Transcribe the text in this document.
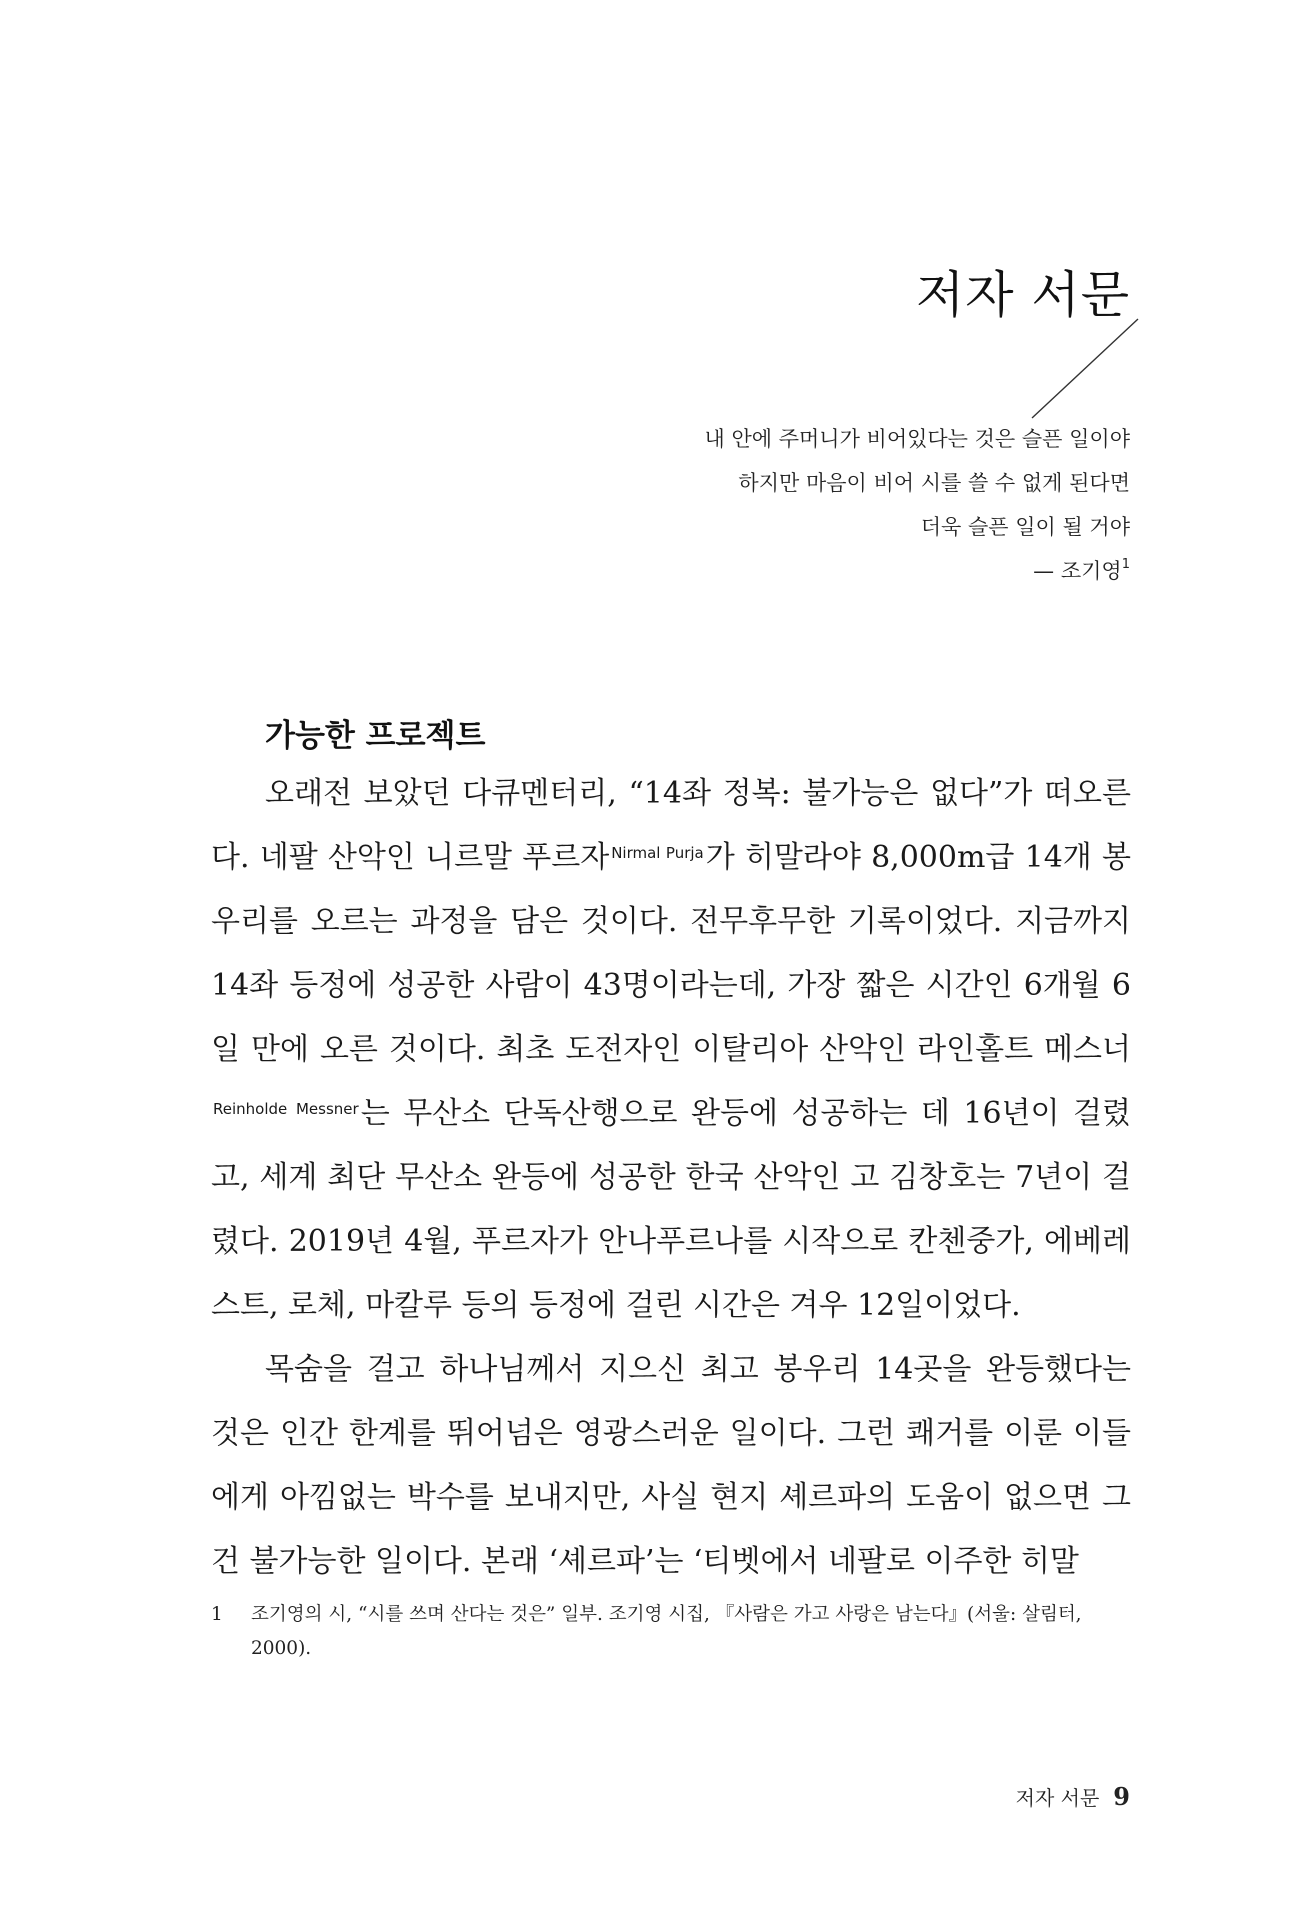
저자 서문

내 안에 주머니가 비어있다는 것은 슬픈 일이야

하지만 마음이 비어 시를 쓸 수 없게 된다면

더욱 슬픈 일이 될 거야

— 조기영$^1$

가능한 프로젝트

오래전 보았던 다큐멘터리, “14좌 정복: 불가능은 없다”가 떠오른다. 네팔 산악인 니르말 푸르자 $^{Nirmal Purja}$가 히말라야 8,000m급 14개 봉우리를 오르는 과정을 담은 것이다. 전무후무한 기록이었다. 지금까지 14좌 등정에 성공한 사람이 43명이라는데, 가장 짧은 시간인 6개월 6일 만에 오른 것이다. 최초 도전자인 이탈리아 산악인 라인홀트 메스너$^{Reinholde Messner}$는 무산소 단독산행으로 완등에 성공하는 데 16년이 걸렸고, 세계 최단 무산소 완등에 성공한 한국 산악인 고 김창호는 7년이 걸렸다. 2019년 4월, 푸르자가 안나푸르나를 시작으로 칸첸중가, 에베레스트, 로체, 마칼루 등의 등정에 걸린 시간은 겨우 12일이었다.

목숨을 걸고 하나님께서 지으신 최고 봉우리 14곳을 완등했다는 것은 인간 한계를 뛰어넘은 영광스러운 일이다. 그런 쾌거를 이룬 이들에게 아낌없는 박수를 보내지만, 사실 현지 셰르파의 도움이 없으면 그건 불가능한 일이다. 본래 ‘셰르파’는 ‘티벳에서 네팔로 이주한 히말

1 조기영의 시, “시를 쓰며 산다는 것은” 일부. 조기영 시집, 『사람은 가고 사랑은 남는다』(서울: 살림터, 2000).
저자 서문 9
